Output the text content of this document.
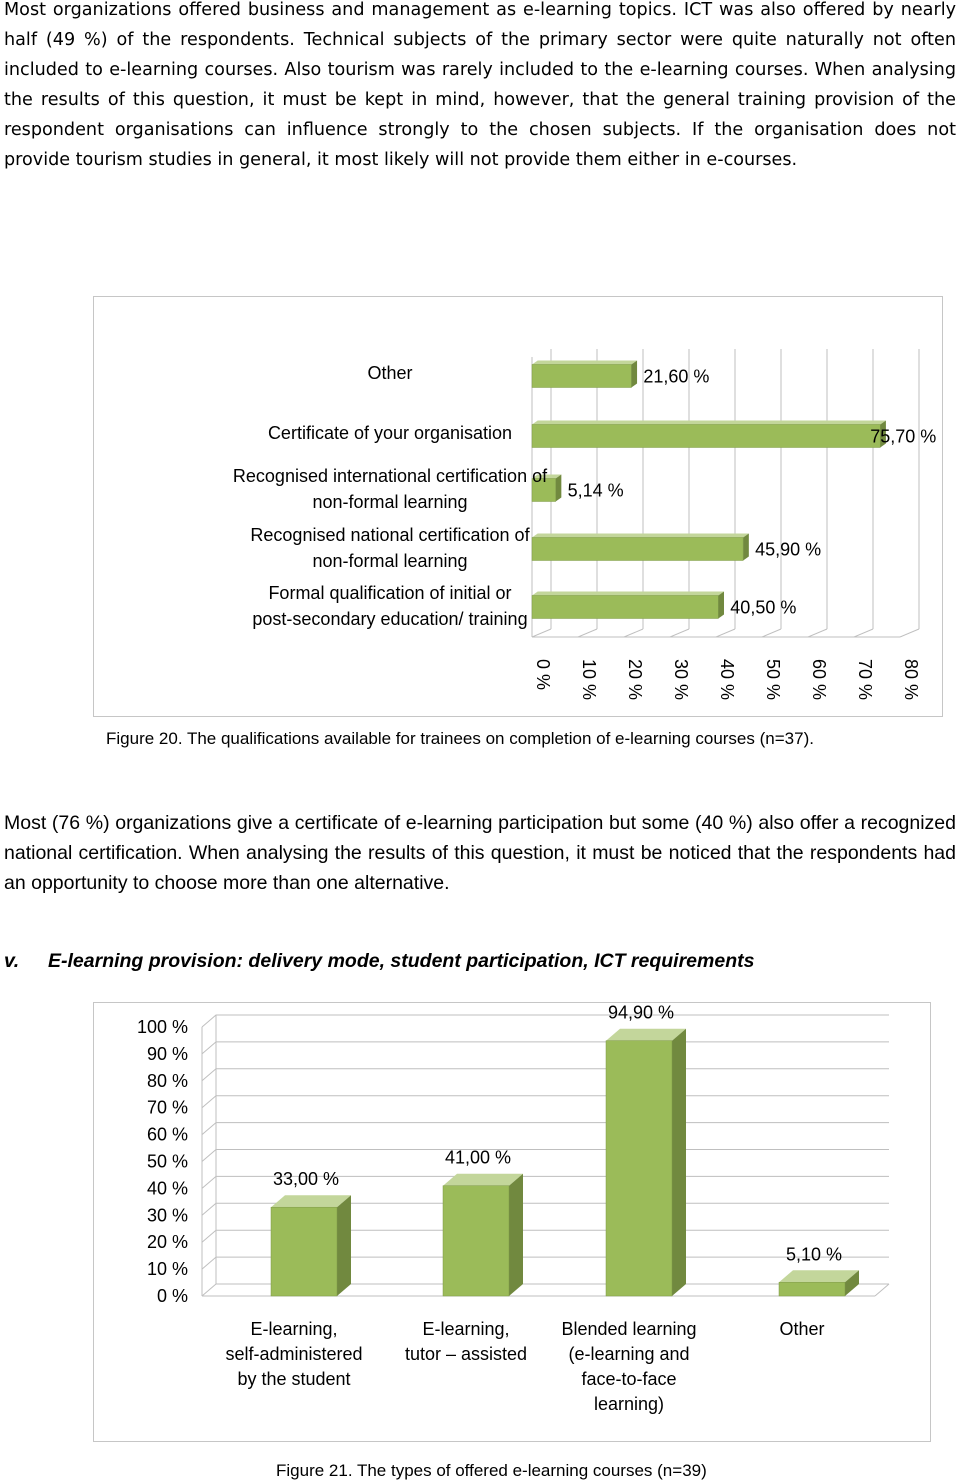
Most organizations offered business and management as e-learning topics. ICT was also offered by nearly half (49 %) of the respondents. Technical subjects of the primary sector were quite naturally not often included to e-learning courses. Also tourism was rarely included to the e-learning courses. When analysing the results of this question, it must be kept in mind, however, that the general training provision of the respondent organisations can influence strongly to the chosen subjects. If the organisation does not provide tourism studies in general, it most likely will not provide them either in e-courses.

0 % 10 % 20 % 30 % 40 % 50 % 60 % 70 % 80 %
21,60 %
Other
75,70 %
Certificate of your organisation
5,14 %
Recognised international certification of non-formal learning
45,90 %
Recognised national certification of non-formal learning
40,50 %
Formal qualification of initial or post-secondary education/ training

Figure 20. The qualifications available for trainees on completion of e-learning courses (n=37).

Most (76 %) organizations give a certificate of e-learning participation but some (40 %) also offer a recognized national certification. When analysing the results of this question, it must be noticed that the respondents had an opportunity to choose more than one alternative.

v. E-learning provision: delivery mode, student participation, ICT requirements
0 %
10 %
20 %
30 %
40 %
50 %
60 %
70 %
80 %
90 %
100 %
33,00 %
E-learning, self-administered by the student
41,00 %
E-learning, tutor – assisted
94,90 %
Blended learning (e-learning and face-to-face learning)
5,10 %
Other

Figure 21. The types of offered e-learning courses (n=39)
